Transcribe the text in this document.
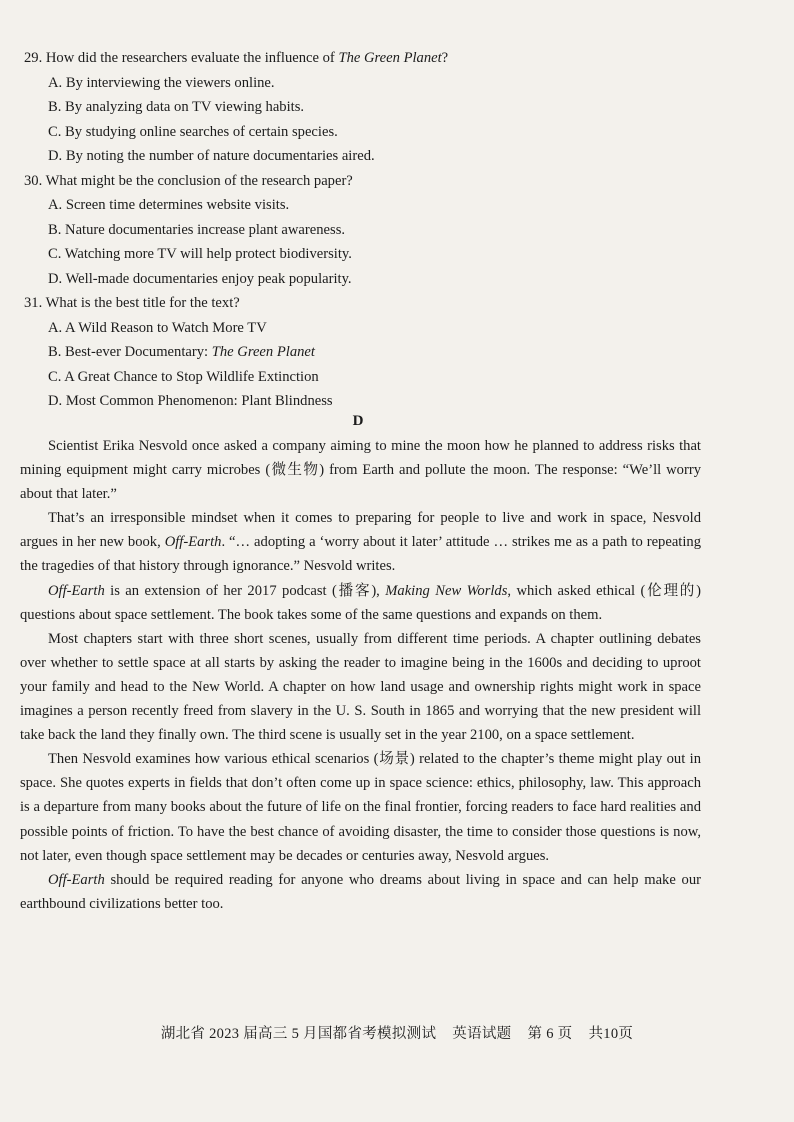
29. How did the researchers evaluate the influence of The Green Planet?

A. By interviewing the viewers online.

B. By analyzing data on TV viewing habits.

C. By studying online searches of certain species.

D. By noting the number of nature documentaries aired.

30. What might be the conclusion of the research paper?

A. Screen time determines website visits.

B. Nature documentaries increase plant awareness.

C. Watching more TV will help protect biodiversity.

D. Well-made documentaries enjoy peak popularity.

31. What is the best title for the text?

A. A Wild Reason to Watch More TV

B. Best-ever Documentary: The Green Planet

C. A Great Chance to Stop Wildlife Extinction

D. Most Common Phenomenon: Plant Blindness

D

Scientist Erika Nesvold once asked a company aiming to mine the moon how he planned to address risks that mining equipment might carry microbes (微生物) from Earth and pollute the moon. The response: “We’ll worry about that later.”

That’s an irresponsible mindset when it comes to preparing for people to live and work in space, Nesvold argues in her new book, Off-Earth. “… adopting a ‘worry about it later’ attitude … strikes me as a path to repeating the tragedies of that history through ignorance.” Nesvold writes.

Off-Earth is an extension of her 2017 podcast (播客), Making New Worlds, which asked ethical (伦理的) questions about space settlement. The book takes some of the same questions and expands on them.

Most chapters start with three short scenes, usually from different time periods. A chapter outlining debates over whether to settle space at all starts by asking the reader to imagine being in the 1600s and deciding to uproot your family and head to the New World. A chapter on how land usage and ownership rights might work in space imagines a person recently freed from slavery in the U. S. South in 1865 and worrying that the new president will take back the land they finally own. The third scene is usually set in the year 2100, on a space settlement.

Then Nesvold examines how various ethical scenarios (场景) related to the chapter’s theme might play out in space. She quotes experts in fields that don’t often come up in space science: ethics, philosophy, law. This approach is a departure from many books about the future of life on the final frontier, forcing readers to face hard realities and possible points of friction. To have the best chance of avoiding disaster, the time to consider those questions is now, not later, even though space settlement may be decades or centuries away, Nesvold argues.

Off-Earth should be required reading for anyone who dreams about living in space and can help make our earthbound civilizations better too.

湖北省 2023 届高三 5 月国都省考模拟测试 英语试题 第 6 页 共10页
